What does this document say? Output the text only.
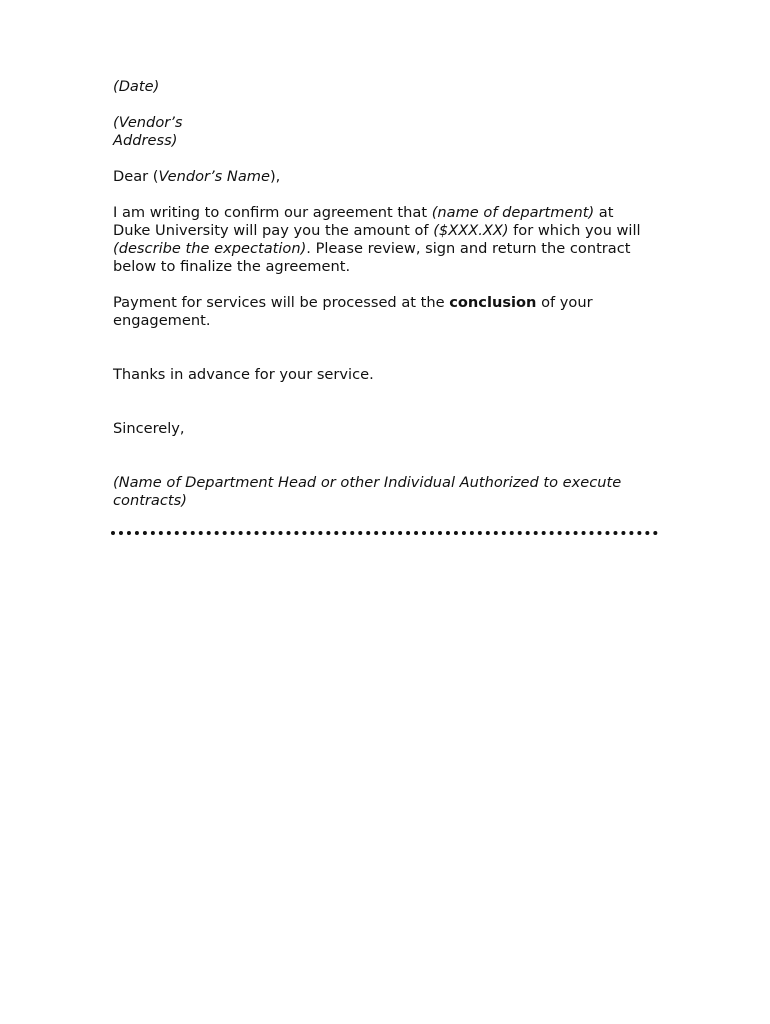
(Date)

(Vendor’s
Address)

Dear (Vendor’s Name),

I am writing to confirm our agreement that (name of department) at
Duke University will pay you the amount of ($XXX.XX) for which you will
(describe the expectation). Please review, sign and return the contract
below to finalize the agreement.

Payment for services will be processed at the conclusion of your
engagement.

Thanks in advance for your service.

Sincerely,

(Name of Department Head or other Individual Authorized to execute
contracts)
